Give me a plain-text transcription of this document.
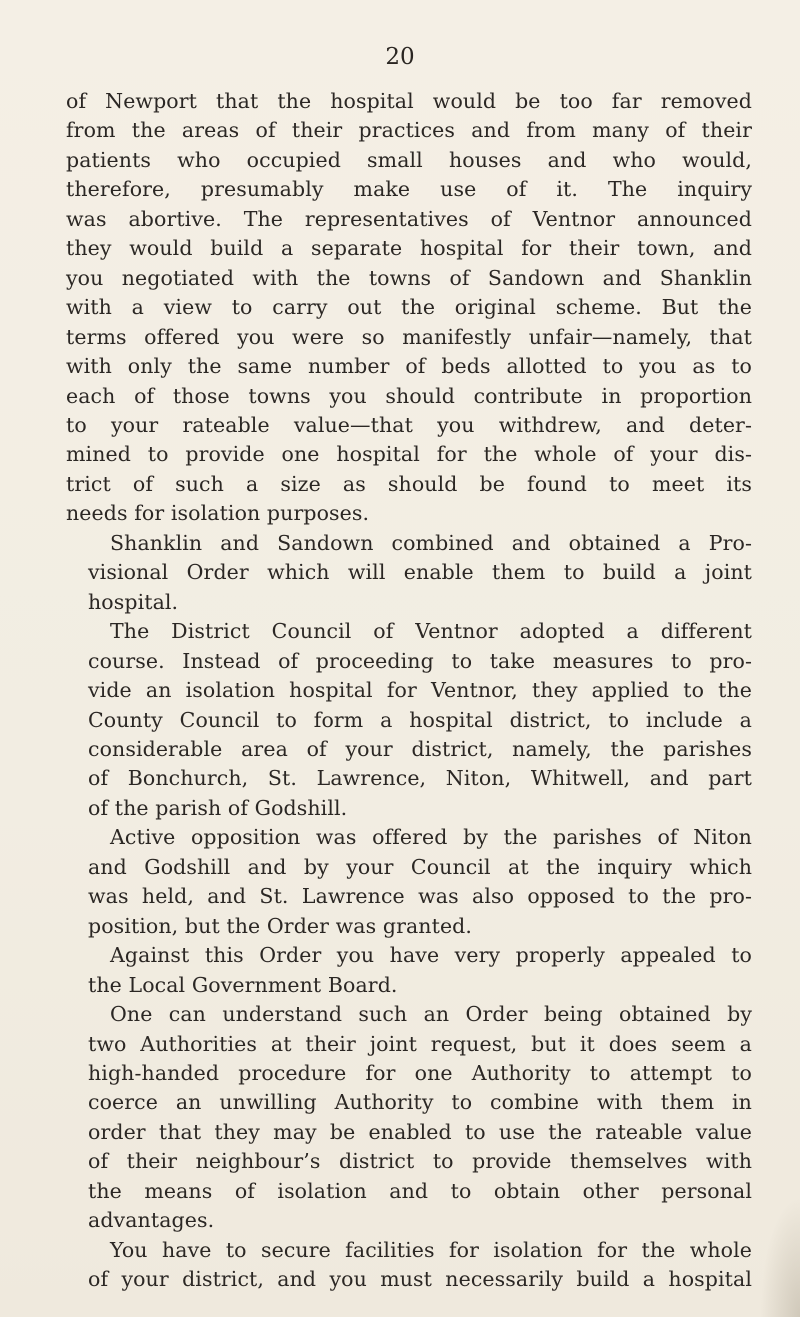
20

of Newport that the hospital would be too far removed
from the areas of their practices and from many of their
patients who occupied small houses and who would,
therefore, presumably make use of it. The inquiry
was abortive. The representatives of Ventnor announced
they would build a separate hospital for their town, and
you negotiated with the towns of Sandown and Shanklin
with a view to carry out the original scheme. But the
terms offered you were so manifestly unfair—namely, that
with only the same number of beds allotted to you as to
each of those towns you should contribute in proportion
to your rateable value—that you withdrew, and deter-
mined to provide one hospital for the whole of your dis-
trict of such a size as should be found to meet its
needs for isolation purposes.

Shanklin and Sandown combined and obtained a Pro-
visional Order which will enable them to build a joint
hospital.

The District Council of Ventnor adopted a different
course. Instead of proceeding to take measures to pro-
vide an isolation hospital for Ventnor, they applied to the
County Council to form a hospital district, to include a
considerable area of your district, namely, the parishes
of Bonchurch, St. Lawrence, Niton, Whitwell, and part
of the parish of Godshill.

Active opposition was offered by the parishes of Niton
and Godshill and by your Council at the inquiry which
was held, and St. Lawrence was also opposed to the pro-
position, but the Order was granted.

Against this Order you have very properly appealed to
the Local Government Board.

One can understand such an Order being obtained by
two Authorities at their joint request, but it does seem a
high-handed procedure for one Authority to attempt to
coerce an unwilling Authority to combine with them in
order that they may be enabled to use the rateable value
of their neighbour’s district to provide themselves with
the means of isolation and to obtain other personal
advantages.

You have to secure facilities for isolation for the whole
of your district, and you must necessarily build a hospital
